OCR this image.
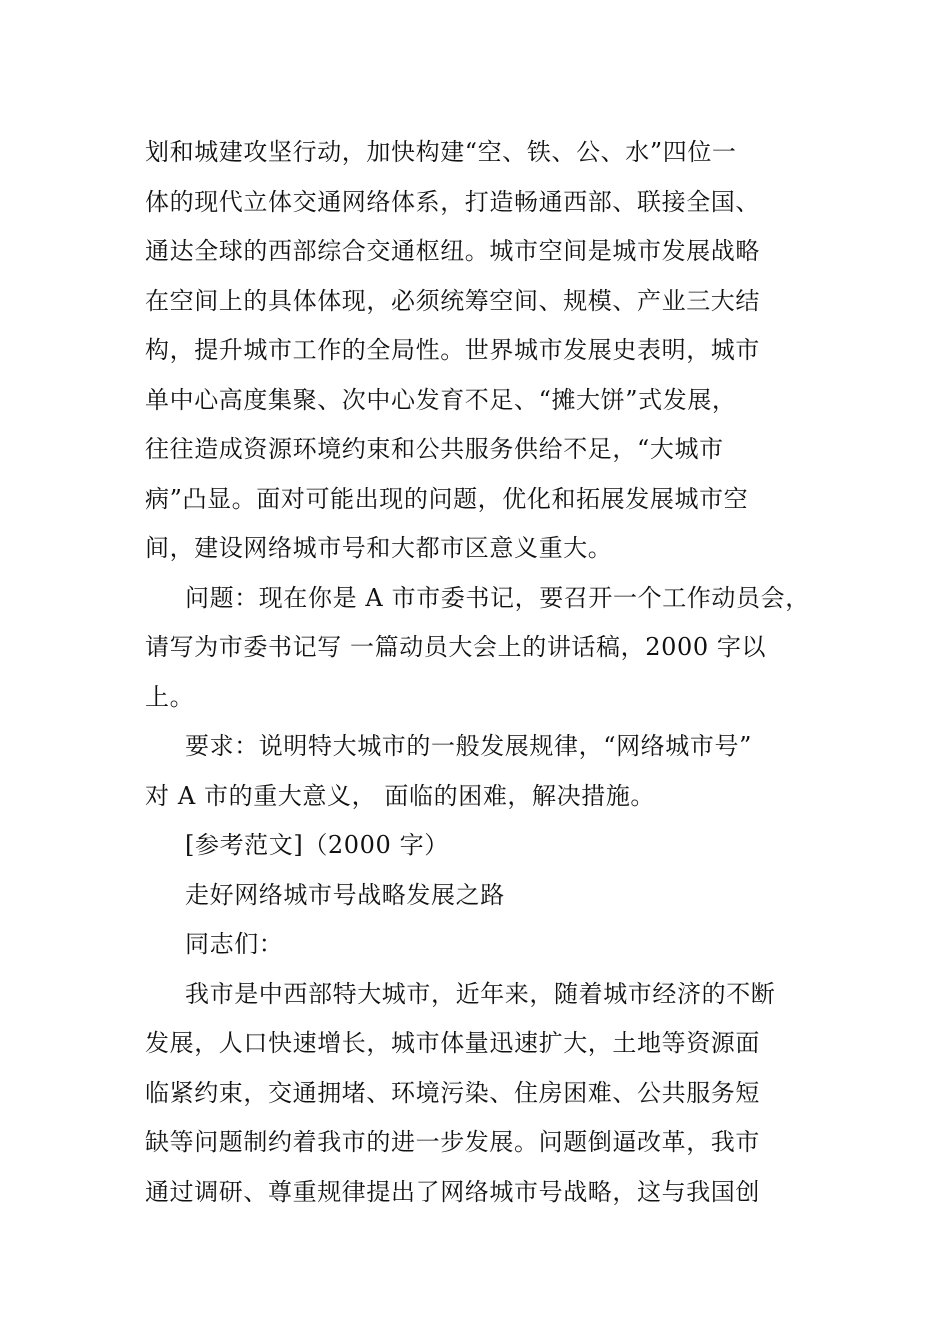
划和城建攻坚行动，加快构建“空、铁、公、水”四位一
体的现代立体交通网络体系，打造畅通西部、联接全国、
通达全球的西部综合交通枢纽。城市空间是城市发展战略
在空间上的具体体现，必须统筹空间、规模、产业三大结
构，提升城市工作的全局性。世界城市发展史表明，城市
单中心高度集聚、次中心发育不足、“摊大饼”式发展，
往往造成资源环境约束和公共服务供给不足，“大城市
病”凸显。面对可能出现的问题，优化和拓展发展城市空
间，建设网络城市号和大都市区意义重大。
问题：现在你是 A 市市委书记，要召开一个工作动员会，
请写为市委书记写 一篇动员大会上的讲话稿，2000 字以
上。
要求：说明特大城市的一般发展规律，“网络城市号”
对 A 市的重大意义， 面临的困难，解决措施。
[参考范文]（2000 字）
走好网络城市号战略发展之路
同志们：
我市是中西部特大城市，近年来，随着城市经济的不断
发展，人口快速增长，城市体量迅速扩大，土地等资源面
临紧约束，交通拥堵、环境污染、住房困难、公共服务短
缺等问题制约着我市的进一步发展。问题倒逼改革，我市
通过调研、尊重规律提出了网络城市号战略，这与我国创
